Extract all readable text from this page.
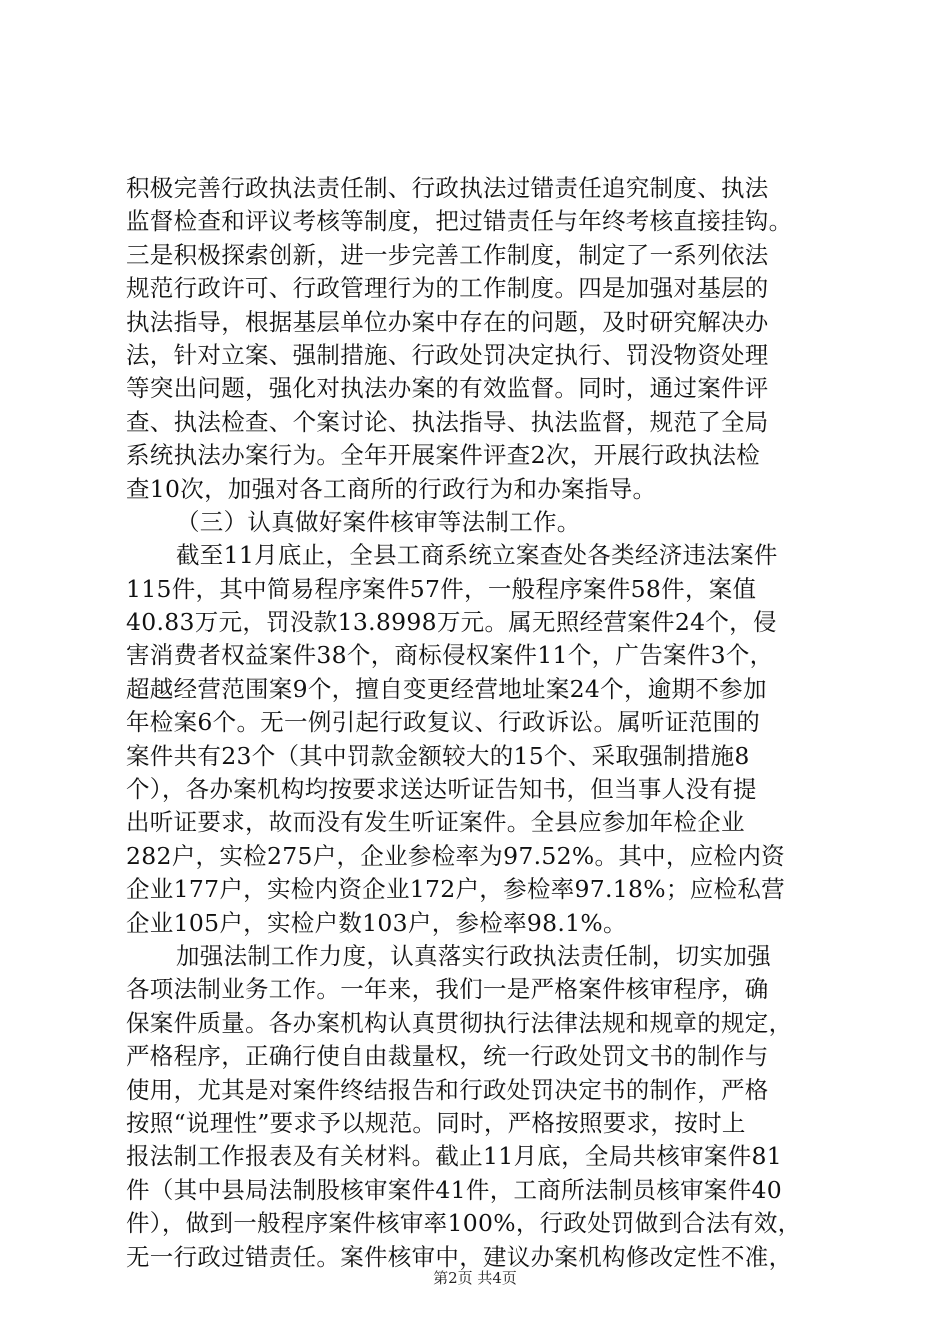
积极完善行政执法责任制、行政执法过错责任追究制度、执法
监督检查和评议考核等制度，把过错责任与年终考核直接挂钩。
三是积极探索创新，进一步完善工作制度，制定了一系列依法
规范行政许可、行政管理行为的工作制度。四是加强对基层的
执法指导，根据基层单位办案中存在的问题，及时研究解决办
法，针对立案、强制措施、行政处罚决定执行、罚没物资处理
等突出问题，强化对执法办案的有效监督。同时，通过案件评
查、执法检查、个案讨论、执法指导、执法监督，规范了全局
系统执法办案行为。全年开展案件评查2次，开展行政执法检
查10次，加强对各工商所的行政行为和办案指导。
（三）认真做好案件核审等法制工作。
截至11月底止，全县工商系统立案查处各类经济违法案件
115件，其中简易程序案件57件，一般程序案件58件，案值
40.83万元，罚没款13.8998万元。属无照经营案件24个，侵
害消费者权益案件38个，商标侵权案件11个，广告案件3个，
超越经营范围案9个，擅自变更经营地址案24个，逾期不参加
年检案6个。无一例引起行政复议、行政诉讼。属听证范围的
案件共有23个（其中罚款金额较大的15个、采取强制措施8
个），各办案机构均按要求送达听证告知书，但当事人没有提
出听证要求，故而没有发生听证案件。全县应参加年检企业
282户，实检275户，企业参检率为97.52%。其中，应检内资
企业177户，实检内资企业172户，参检率97.18%；应检私营
企业105户，实检户数103户，参检率98.1%。
加强法制工作力度，认真落实行政执法责任制，切实加强
各项法制业务工作。一年来，我们一是严格案件核审程序，确
保案件质量。各办案机构认真贯彻执行法律法规和规章的规定，
严格程序，正确行使自由裁量权，统一行政处罚文书的制作与
使用，尤其是对案件终结报告和行政处罚决定书的制作，严格
按照“说理性”要求予以规范。同时，严格按照要求，按时上
报法制工作报表及有关材料。截止11月底，全局共核审案件81
件（其中县局法制股核审案件41件，工商所法制员核审案件40
件），做到一般程序案件核审率100%，行政处罚做到合法有效，
无一行政过错责任。案件核审中，建议办案机构修改定性不准，
第2页 共4页
